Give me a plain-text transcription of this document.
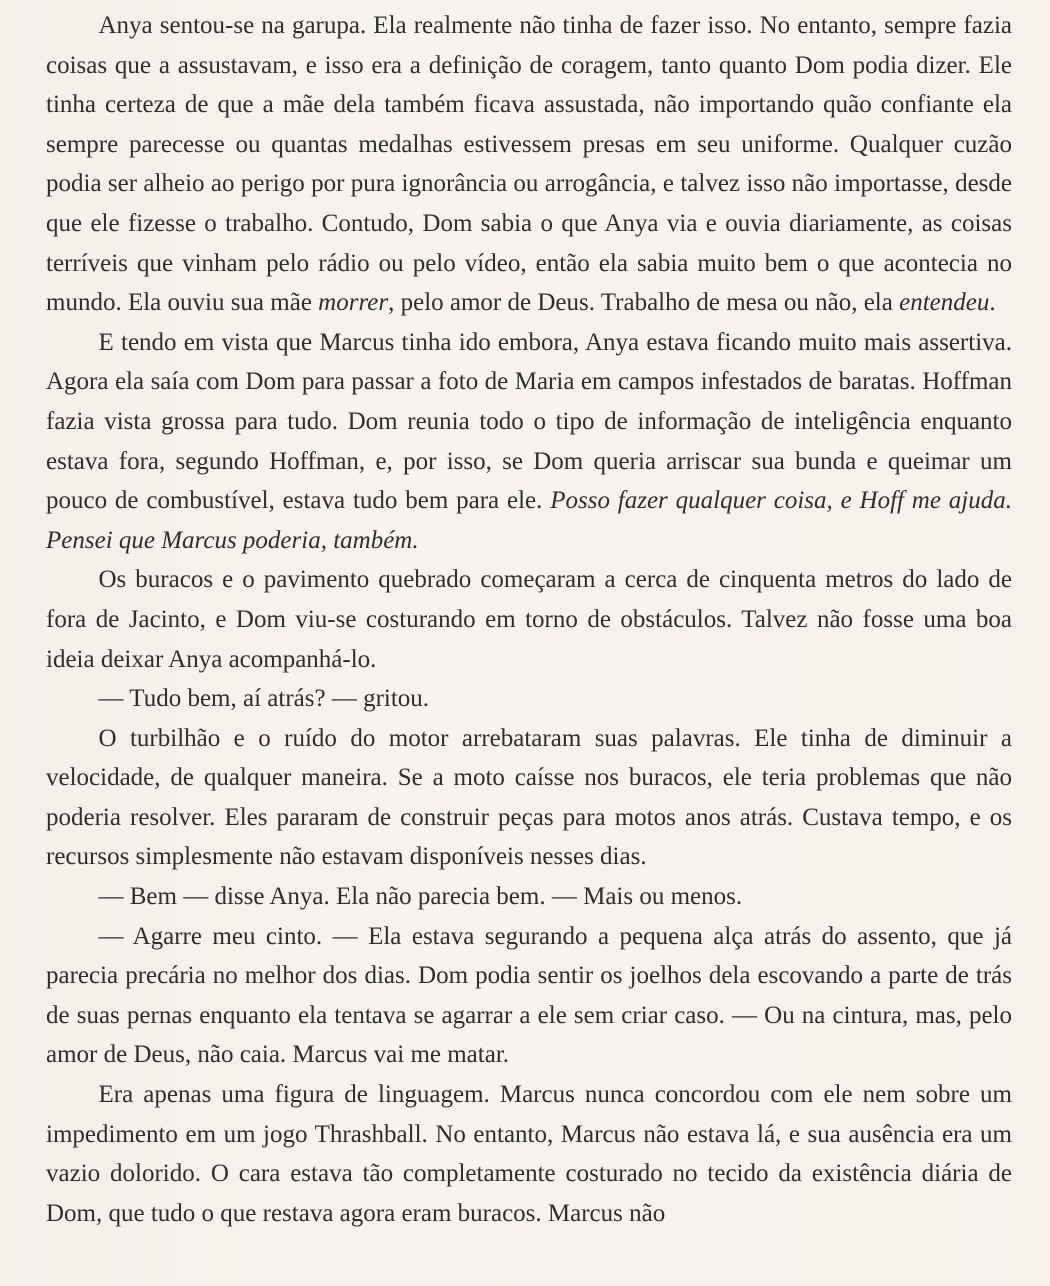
Anya sentou-se na garupa. Ela realmente não tinha de fazer isso. No entanto, sempre fazia coisas que a assustavam, e isso era a definição de coragem, tanto quanto Dom podia dizer. Ele tinha certeza de que a mãe dela também ficava assustada, não importando quão confiante ela sempre parecesse ou quantas medalhas estivessem presas em seu uniforme. Qualquer cuzão podia ser alheio ao perigo por pura ignorância ou arrogância, e talvez isso não importasse, desde que ele fizesse o trabalho. Contudo, Dom sabia o que Anya via e ouvia diariamente, as coisas terríveis que vinham pelo rádio ou pelo vídeo, então ela sabia muito bem o que acontecia no mundo. Ela ouviu sua mãe morrer, pelo amor de Deus. Trabalho de mesa ou não, ela entendeu.

E tendo em vista que Marcus tinha ido embora, Anya estava ficando muito mais assertiva. Agora ela saía com Dom para passar a foto de Maria em campos infestados de baratas. Hoffman fazia vista grossa para tudo. Dom reunia todo o tipo de informação de inteligência enquanto estava fora, segundo Hoffman, e, por isso, se Dom queria arriscar sua bunda e queimar um pouco de combustível, estava tudo bem para ele. Posso fazer qualquer coisa, e Hoff me ajuda. Pensei que Marcus poderia, também.

Os buracos e o pavimento quebrado começaram a cerca de cinquenta metros do lado de fora de Jacinto, e Dom viu-se costurando em torno de obstáculos. Talvez não fosse uma boa ideia deixar Anya acompanhá-lo.

— Tudo bem, aí atrás? — gritou.

O turbilhão e o ruído do motor arrebataram suas palavras. Ele tinha de diminuir a velocidade, de qualquer maneira. Se a moto caísse nos buracos, ele teria problemas que não poderia resolver. Eles pararam de construir peças para motos anos atrás. Custava tempo, e os recursos simplesmente não estavam disponíveis nesses dias.

— Bem — disse Anya. Ela não parecia bem. — Mais ou menos.

— Agarre meu cinto. — Ela estava segurando a pequena alça atrás do assento, que já parecia precária no melhor dos dias. Dom podia sentir os joelhos dela escovando a parte de trás de suas pernas enquanto ela tentava se agarrar a ele sem criar caso. — Ou na cintura, mas, pelo amor de Deus, não caia. Marcus vai me matar.

Era apenas uma figura de linguagem. Marcus nunca concordou com ele nem sobre um impedimento em um jogo Thrashball. No entanto, Marcus não estava lá, e sua ausência era um vazio dolorido. O cara estava tão completamente costurado no tecido da existência diária de Dom, que tudo o que restava agora eram buracos. Marcus não
